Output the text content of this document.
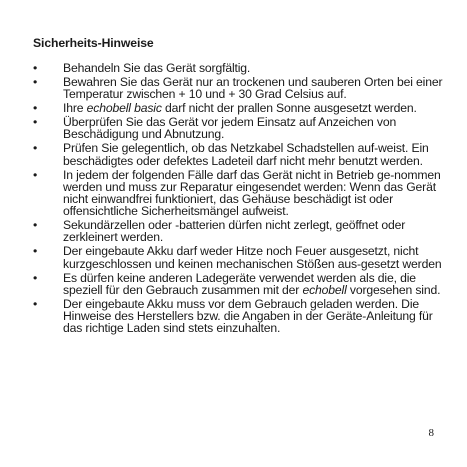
Sicherheits-Hinweise
• Behandeln Sie das Gerät sorgfältig.
• Bewahren Sie das Gerät nur an trockenen und sauberen Orten bei einer Temperatur zwischen + 10 und + 30 Grad Celsius auf.
• Ihre echobell basic darf nicht der prallen Sonne ausgesetzt werden.
• Überprüfen Sie das Gerät vor jedem Einsatz auf Anzeichen von Beschädigung und Abnutzung.
• Prüfen Sie gelegentlich, ob das Netzkabel Schadstellen auf-weist. Ein beschädigtes oder defektes Ladeteil darf nicht mehr benutzt werden.
• In jedem der folgenden Fälle darf das Gerät nicht in Betrieb ge-nommen werden und muss zur Reparatur eingesendet werden: Wenn das Gerät nicht einwandfrei funktioniert, das Gehäuse beschädigt ist oder offensichtliche Sicherheitsmängel aufweist.
• Sekundärzellen oder -batterien dürfen nicht zerlegt, geöffnet oder zerkleinert werden.
• Der eingebaute Akku darf weder Hitze noch Feuer ausgesetzt, nicht kurzgeschlossen und keinen mechanischen Stößen aus-gesetzt werden
• Es dürfen keine anderen Ladegeräte verwendet werden als die, die speziell für den Gebrauch zusammen mit der echobell vorgesehen sind.
• Der eingebaute Akku muss vor dem Gebrauch geladen werden. Die Hinweise des Herstellers bzw. die Angaben in der Geräte-Anleitung für das richtige Laden sind stets einzuhalten.
8
